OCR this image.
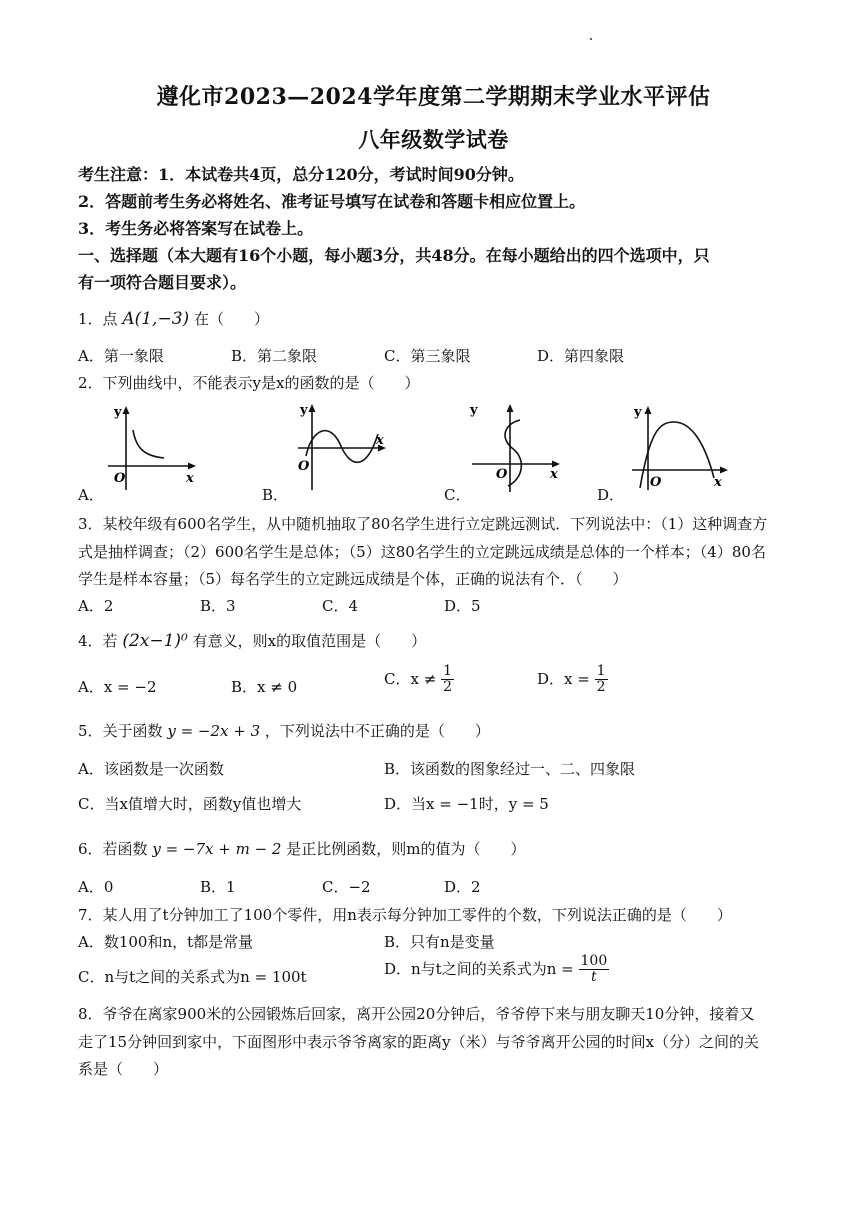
遵化市2023—2024学年度第二学期期末学业水平评估
八年级数学试卷
考生注意：1．本试卷共4页，总分120分，考试时间90分钟。
2．答题前考生务必将姓名、准考证号填写在试卷和答题卡相应位置上。
3．考生务必将答案写在试卷上。
一、选择题（本大题有16个小题，每小题3分，共48分。在每小题给出的四个选项中，只
有一项符合题目要求）。
1．点 A(1,−3) 在（　　）
A．第一象限	B．第二象限	C．第三象限	D．第四象限
2．下列曲线中，不能表示y是x的函数的是（　　）
A．
y
x
O
B．
y
x
O
C．
y
x
O
D．
y
x
O
3．某校年级有600名学生，从中随机抽取了80名学生进行立定跳远测试．下列说法中：（1）这种调查方
式是抽样调查；（2）600名学生是总体；（5）这80名学生的立定跳远成绩是总体的一个样本；（4）80名
学生是样本容量；（5）每名学生的立定跳远成绩是个体，正确的说法有个．（　　）
A．2	B．3	C．4	D．5
4．若 (2x−1)⁰ 有意义，则x的取值范围是（　　）
A．x = −2	B．x ≠ 0	C．$x \ne \frac{1}{2}$	D．$x = \frac{1}{2}$
5．关于函数 y = −2x + 3 ，下列说法中不正确的是（　　）
A．该函数是一次函数	B．该函数的图象经过一、二、四象限
C．当x值增大时，函数y值也增大	D．当x = −1时，y = 5
6．若函数 y = −7x + m − 2 是正比例函数，则m的值为（　　）
A．0	B．1	C．−2	D．2
7．某人用了t分钟加工了100个零件，用n表示每分钟加工零件的个数，下列说法正确的是（　　）
A．数100和n，t都是常量	B．只有n是变量
C．n与t之间的关系式为n = 100t	D．n与t之间的关系式为$n = \frac{100}{t}$
8．爷爷在离家900米的公园锻炼后回家，离开公园20分钟后，爷爷停下来与朋友聊天10分钟，接着又
走了15分钟回到家中，下面图形中表示爷爷离家的距离y（米）与爷爷离开公园的时间x（分）之间的关
系是（　　）
